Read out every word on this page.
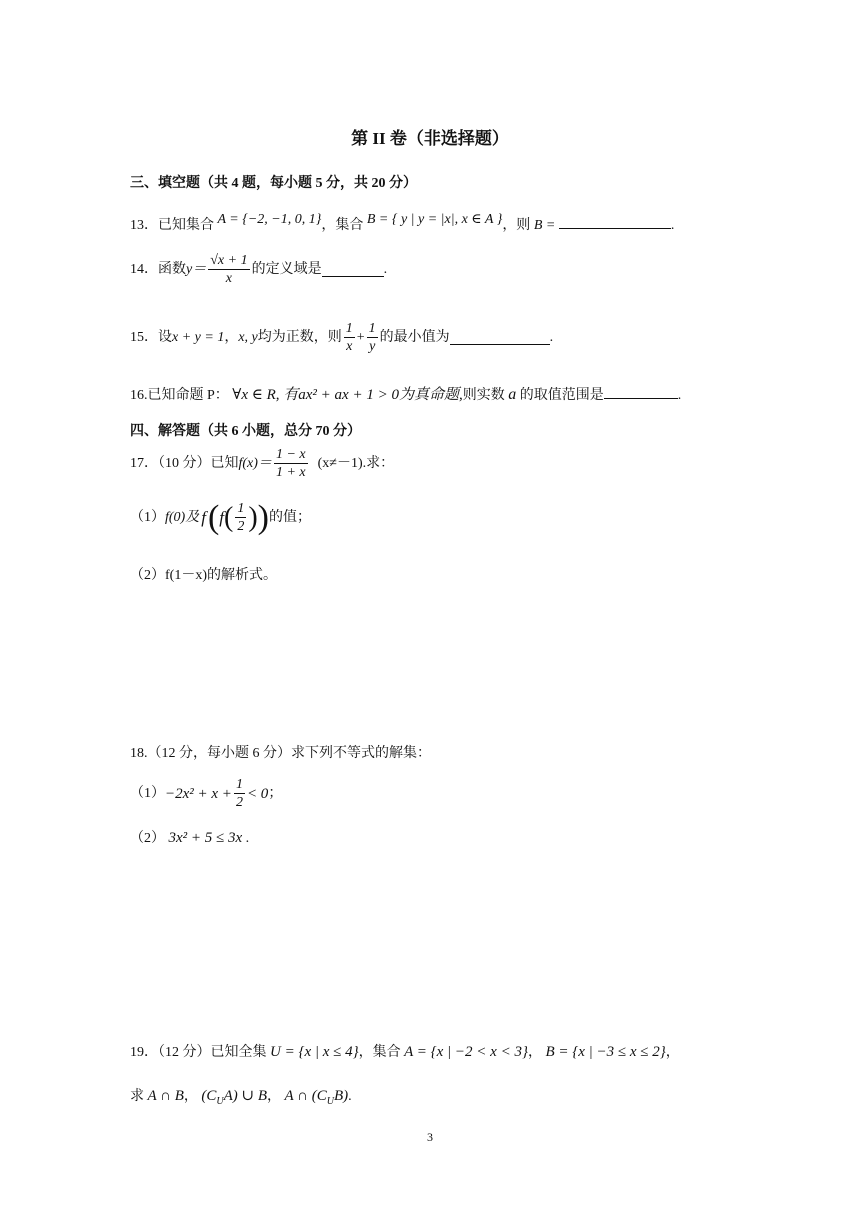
第 II 卷（非选择题）
三、填空题（共 4 题，每小题 5 分，共 20 分）
13．已知集合 A = {−2, −1, 0, 1}，集合 B = { y | y = |x|, x ∈ A }，则 B =	.
14． 函数 $y= \frac{√x + 1}{x}$ 的定义域是	.
15． 设 x + y = 1 ， x, y 均为正数，则 $\frac{1}{x} + \frac{1}{y}$ 的最小值为	.
16.已知命题 P： ∀x ∈ R, 有ax² + ax + 1 > 0为真命题,则实数 a 的取值范围是	.
四、解答题（共 6 小题，总分 70 分）
17．（10 分）已知 $f(x)= \frac{1 - x}{1 + x} (x\ne-1)$.求：
（1） f(0)及 f ( f ( $\frac{1}{2}$ ) ) 的值；
（2）f(1－x)的解析式。
18.（12 分，每小题 6 分）求下列不等式的解集：
$(1) -2x^2 + x + \frac{1}{2} < 0$ ；
（2） 3x² + 5 ≤ 3x .
19．（12 分）已知全集 U = {x | x ≤ 4}，集合 A = {x | −2 < x < 3}， B = {x | −3 ≤ x ≤ 2}，
求 A ∩ B， $(C_UA)$ ∪ B， A ∩ $(C_UB)$.
3
